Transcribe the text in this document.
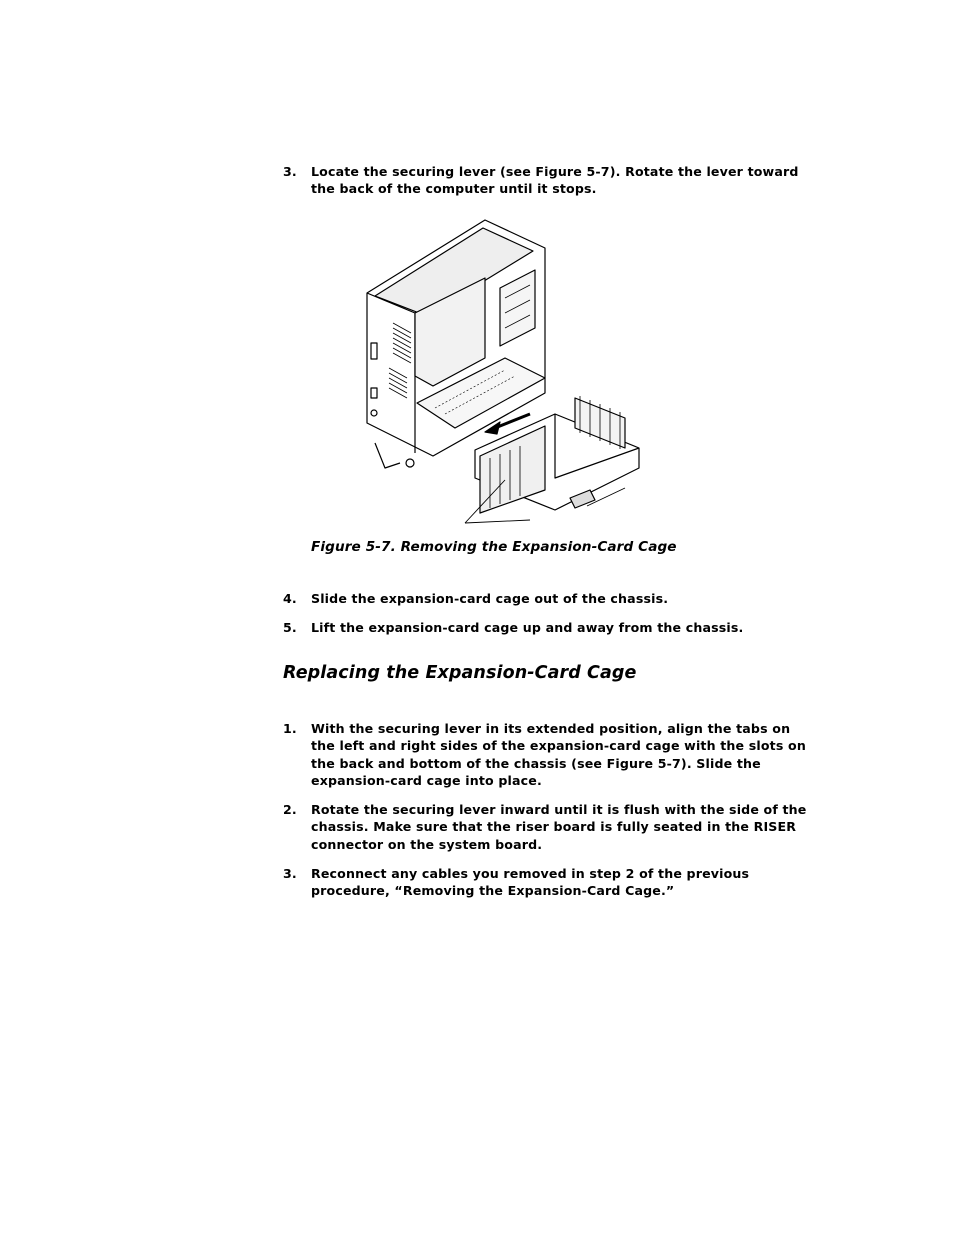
3. Locate the securing lever (see Figure 5-7). Rotate the lever toward the back of the computer until it stops.
Figure 5-7. Removing the Expansion-Card Cage
4. Slide the expansion-card cage out of the chassis.
5. Lift the expansion-card cage up and away from the chassis.
Replacing the Expansion-Card Cage
1. With the securing lever in its extended position, align the tabs on the left and right sides of the expansion-card cage with the slots on the back and bottom of the chassis (see Figure 5-7). Slide the expansion-card cage into place.
2. Rotate the securing lever inward until it is flush with the side of the chassis. Make sure that the riser board is fully seated in the RISER connector on the system board.
3. Reconnect any cables you removed in step 2 of the previous procedure, “Removing the Expansion-Card Cage.”
